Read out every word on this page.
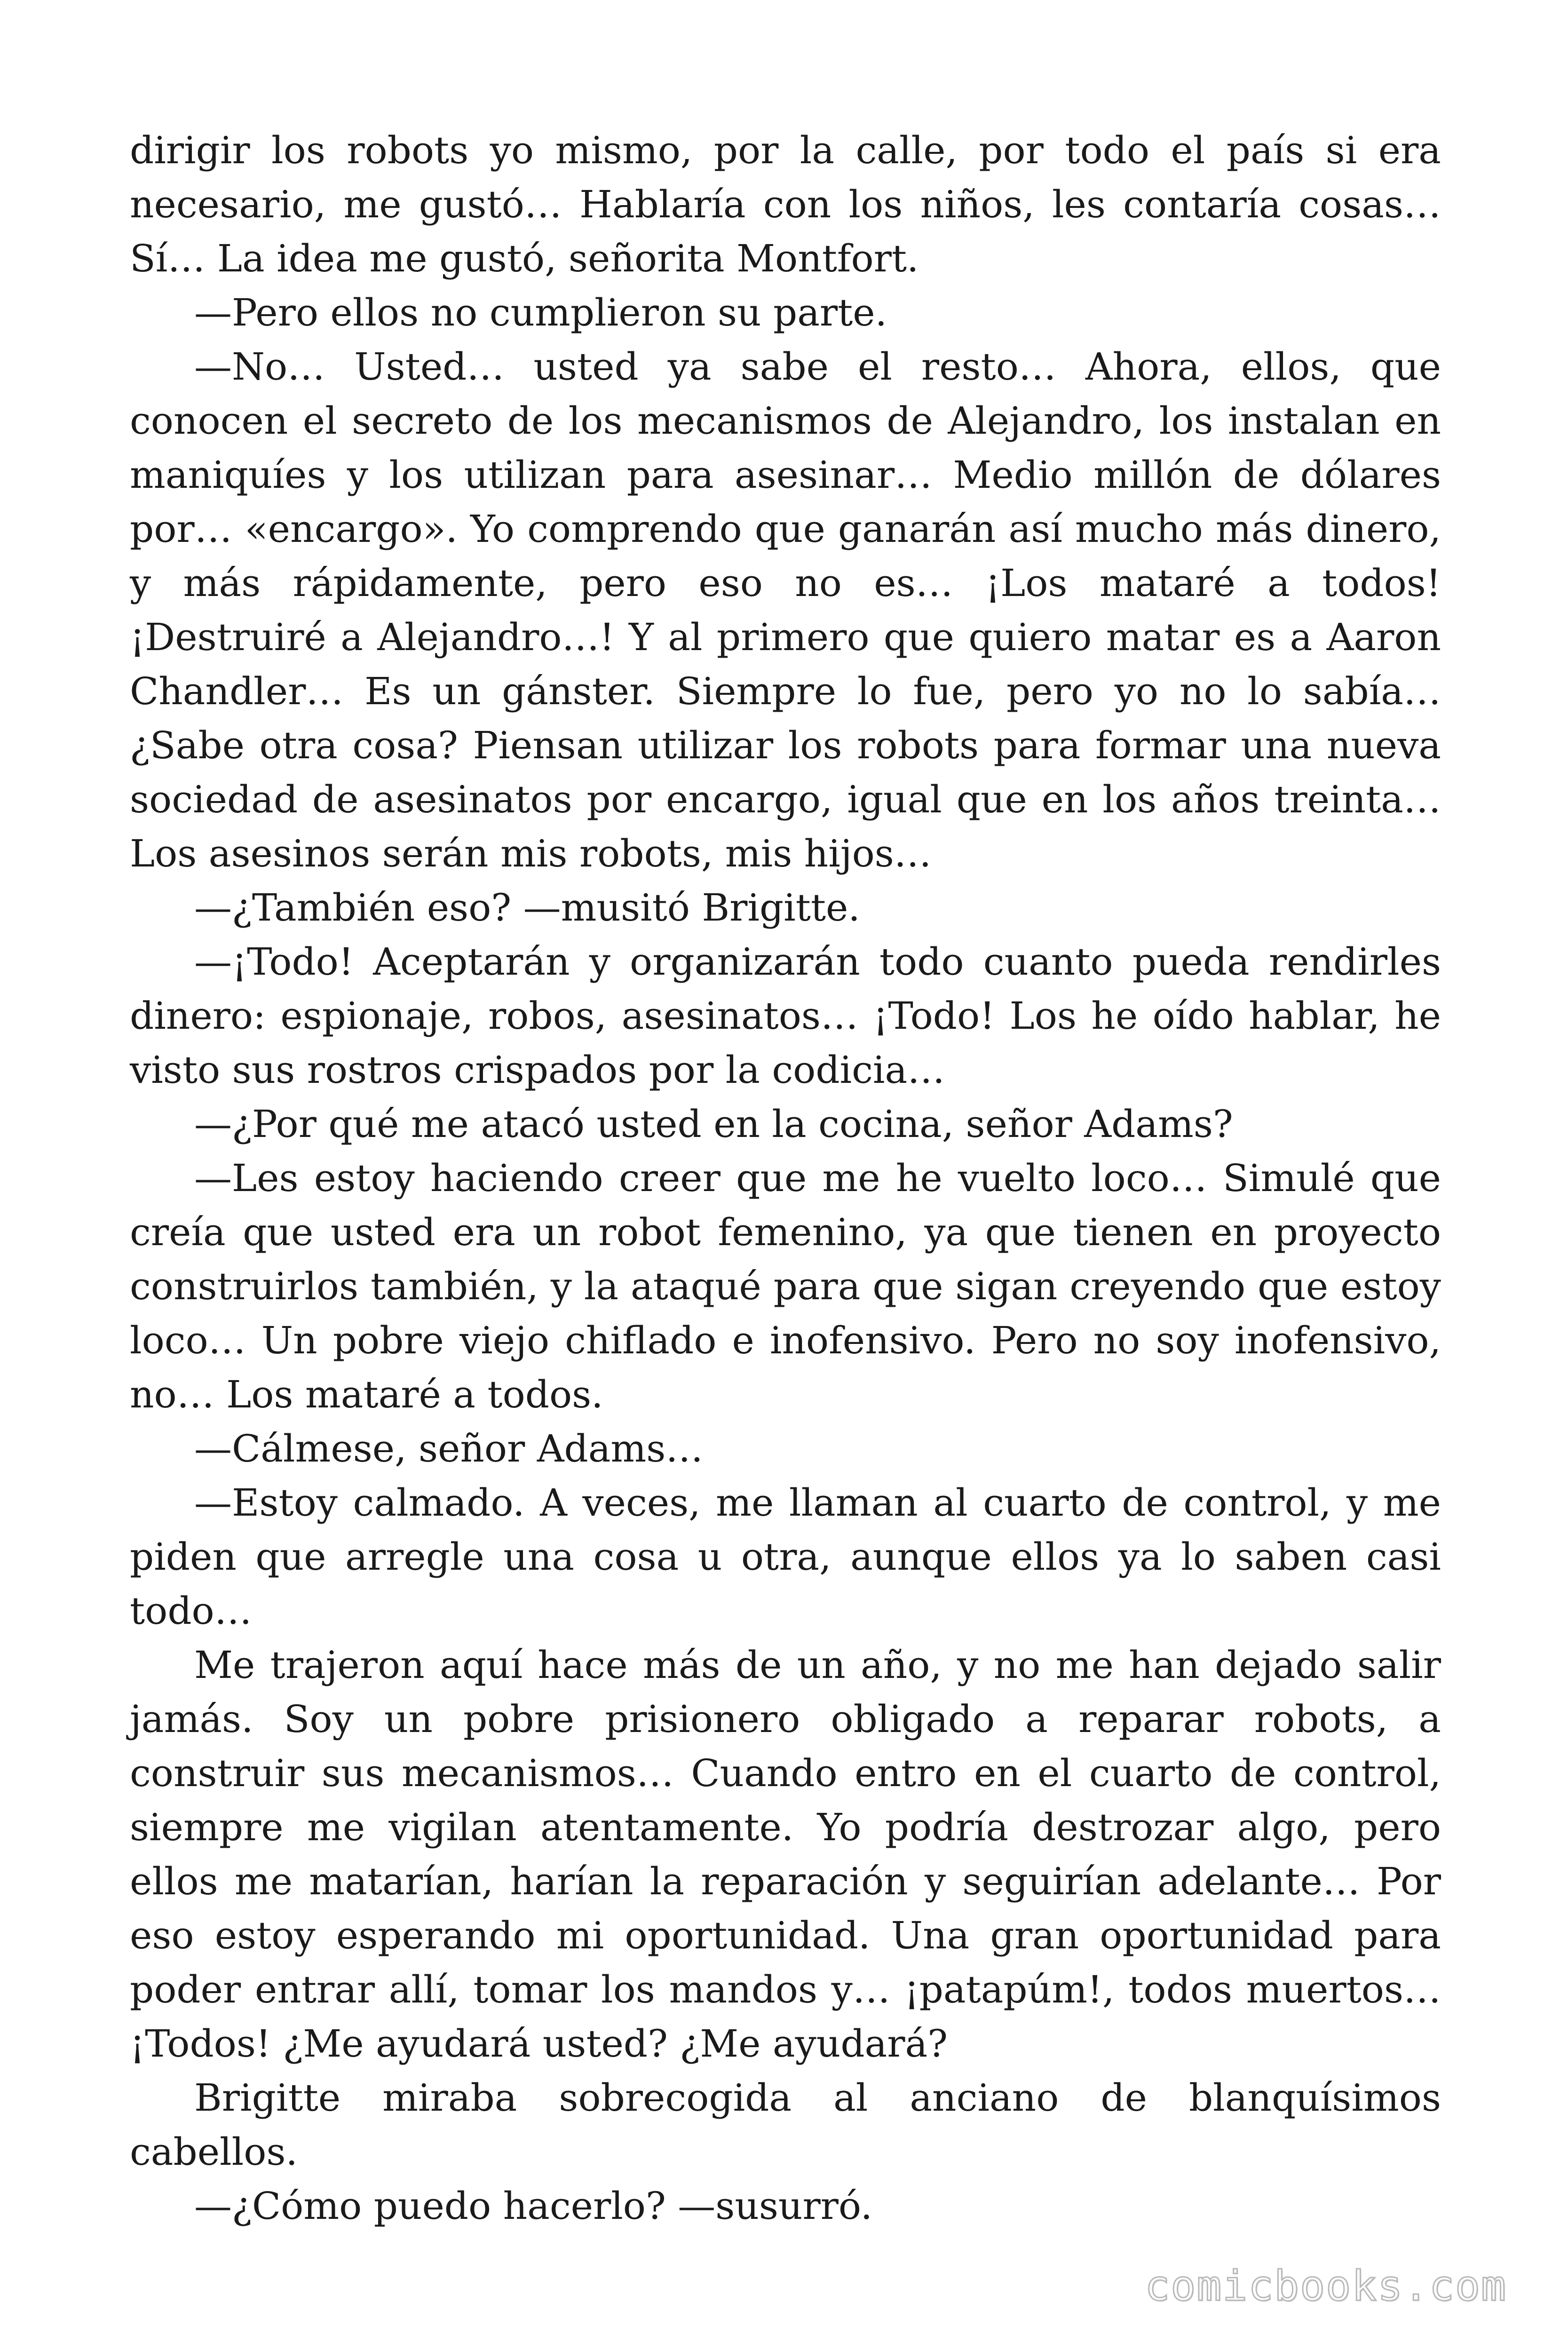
dirigir los robots yo mismo, por la calle, por todo el país si era necesario, me gustó… Hablaría con los niños, les contaría cosas… Sí… La idea me gustó, señorita Montfort.

—Pero ellos no cumplieron su parte.

—No… Usted… usted ya sabe el resto… Ahora, ellos, que conocen el secreto de los mecanismos de Alejandro, los instalan en maniquíes y los utilizan para asesinar… Medio millón de dólares por… «encargo». Yo comprendo que ganarán así mucho más dinero, y más rápidamente, pero eso no es… ¡Los mataré a todos! ¡Destruiré a Alejandro…! Y al primero que quiero matar es a Aaron Chandler… Es un gánster. Siempre lo fue, pero yo no lo sabía… ¿Sabe otra cosa? Piensan utilizar los robots para formar una nueva sociedad de asesinatos por encargo, igual que en los años treinta… Los asesinos serán mis robots, mis hijos…

—¿También eso? —musitó Brigitte.

—¡Todo! Aceptarán y organizarán todo cuanto pueda rendirles dinero: espionaje, robos, asesinatos… ¡Todo! Los he oído hablar, he visto sus rostros crispados por la codicia…

—¿Por qué me atacó usted en la cocina, señor Adams?

—Les estoy haciendo creer que me he vuelto loco… Simulé que creía que usted era un robot femenino, ya que tienen en proyecto construirlos también, y la ataqué para que sigan creyendo que estoy loco… Un pobre viejo chiflado e inofensivo. Pero no soy inofensivo, no… Los mataré a todos.

—Cálmese, señor Adams…

—Estoy calmado. A veces, me llaman al cuarto de control, y me piden que arregle una cosa u otra, aunque ellos ya lo saben casi todo…

Me trajeron aquí hace más de un año, y no me han dejado salir jamás. Soy un pobre prisionero obligado a reparar robots, a construir sus mecanismos… Cuando entro en el cuarto de control, siempre me vigilan atentamente. Yo podría destrozar algo, pero ellos me matarían, harían la reparación y seguirían adelante… Por eso estoy esperando mi oportunidad. Una gran oportunidad para poder entrar allí, tomar los mandos y… ¡patapúm!, todos muertos… ¡Todos! ¿Me ayudará usted? ¿Me ayudará?

Brigitte miraba sobrecogida al anciano de blanquísimos cabellos.

—¿Cómo puedo hacerlo? —susurró.

comicbooks.com
